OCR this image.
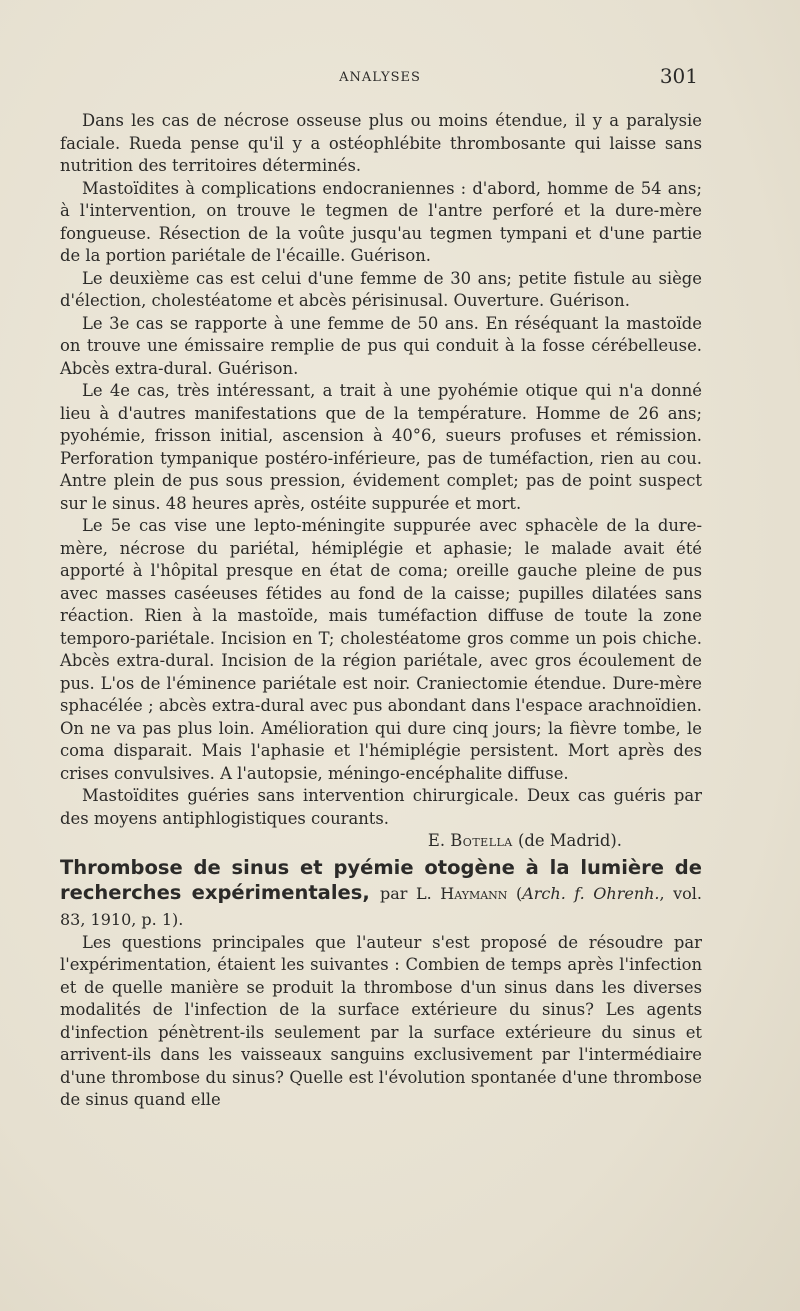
ANALYSES	301

Dans les cas de nécrose osseuse plus ou moins étendue, il y a paralysie faciale. Rueda pense qu'il y a ostéophlébite thrombosante qui laisse sans nutrition des territoires déterminés.

Mastoïdites à complications endocraniennes : d'abord, homme de 54 ans; à l'intervention, on trouve le tegmen de l'antre perforé et la dure-mère fongueuse. Résection de la voûte jusqu'au tegmen tympani et d'une partie de la portion pariétale de l'écaille. Guérison.

Le deuxième cas est celui d'une femme de 30 ans; petite fistule au siège d'élection, cholestéatome et abcès périsinusal. Ouverture. Guérison.

Le 3e cas se rapporte à une femme de 50 ans. En réséquant la mastoïde on trouve une émissaire remplie de pus qui conduit à la fosse cérébelleuse. Abcès extra-dural. Guérison.

Le 4e cas, très intéressant, a trait à une pyohémie otique qui n'a donné lieu à d'autres manifestations que de la température. Homme de 26 ans; pyohémie, frisson initial, ascension à 40°6, sueurs profuses et rémission. Perforation tympanique postéro-inférieure, pas de tuméfaction, rien au cou. Antre plein de pus sous pression, évidement complet; pas de point suspect sur le sinus. 48 heures après, ostéite suppurée et mort.

Le 5e cas vise une lepto-méningite suppurée avec sphacèle de la dure-mère, nécrose du pariétal, hémiplégie et aphasie; le malade avait été apporté à l'hôpital presque en état de coma; oreille gauche pleine de pus avec masses caséeuses fétides au fond de la caisse; pupilles dilatées sans réaction. Rien à la mastoïde, mais tuméfaction diffuse de toute la zone temporo-pariétale. Incision en T; cholestéatome gros comme un pois chiche. Abcès extra-dural. Incision de la région pariétale, avec gros écoulement de pus. L'os de l'éminence pariétale est noir. Craniectomie étendue. Dure-mère sphacélée ; abcès extra-dural avec pus abondant dans l'espace arachnoïdien. On ne va pas plus loin. Amélioration qui dure cinq jours; la fièvre tombe, le coma disparait. Mais l'aphasie et l'hémiplégie persistent. Mort après des crises convulsives. A l'autopsie, méningo-encéphalite diffuse.

Mastoïdites guéries sans intervention chirurgicale. Deux cas guéris par des moyens antiphlogistiques courants.

E. Botella (de Madrid).

Thrombose de sinus et pyémie otogène à la lumière de recherches expérimentales, par L. Haymann (Arch. f. Ohrenh., vol. 83, 1910, p. 1).

Les questions principales que l'auteur s'est proposé de résoudre par l'expérimentation, étaient les suivantes : Combien de temps après l'infection et de quelle manière se produit la thrombose d'un sinus dans les diverses modalités de l'infection de la surface extérieure du sinus? Les agents d'infection pénètrent-ils seulement par la surface extérieure du sinus et arrivent-ils dans les vaisseaux sanguins exclusivement par l'intermédiaire d'une thrombose du sinus? Quelle est l'évolution spontanée d'une thrombose de sinus quand elle
